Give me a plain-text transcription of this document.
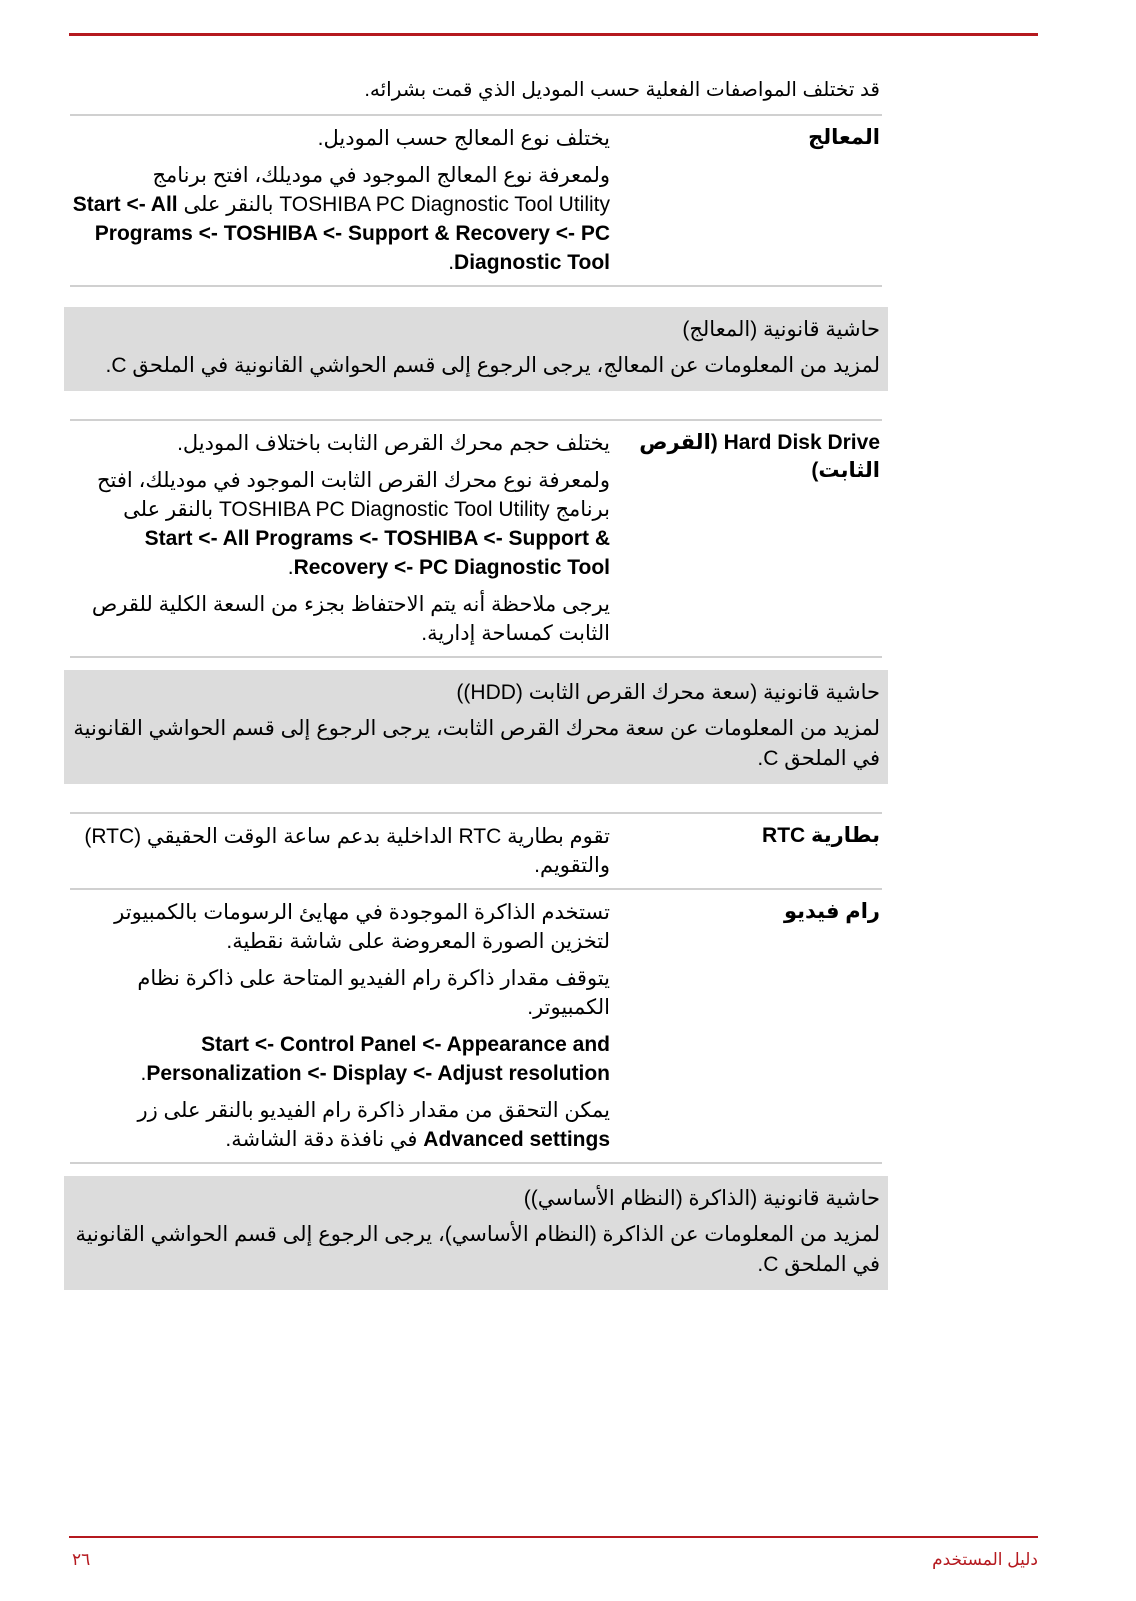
قد تختلف المواصفات الفعلية حسب الموديل الذي قمت بشرائه.

المعالج

يختلف نوع المعالج حسب الموديل.

ولمعرفة نوع المعالج الموجود في موديلك، افتح برنامج TOSHIBA PC Diagnostic Tool Utility بالنقر على Start <- All Programs <- TOSHIBA <- Support & Recovery <- PC Diagnostic Tool.

حاشية قانونية (المعالج)

لمزيد من المعلومات عن المعالج، يرجى الرجوع إلى قسم الحواشي القانونية في الملحق C.

Hard Disk Drive (القرص الثابت)

يختلف حجم محرك القرص الثابت باختلاف الموديل.

ولمعرفة نوع محرك القرص الثابت الموجود في موديلك، افتح برنامج TOSHIBA PC Diagnostic Tool Utility بالنقر على Start <- All Programs <- TOSHIBA <- Support & Recovery <- PC Diagnostic Tool.

يرجى ملاحظة أنه يتم الاحتفاظ بجزء من السعة الكلية للقرص الثابت كمساحة إدارية.

حاشية قانونية (سعة محرك القرص الثابت (HDD))

لمزيد من المعلومات عن سعة محرك القرص الثابت، يرجى الرجوع إلى قسم الحواشي القانونية في الملحق C.

بطارية RTC

تقوم بطارية RTC الداخلية بدعم ساعة الوقت الحقيقي (RTC) والتقويم.

رام فيديو

تستخدم الذاكرة الموجودة في مهايئ الرسومات بالكمبيوتر لتخزين الصورة المعروضة على شاشة نقطية.

يتوقف مقدار ذاكرة رام الفيديو المتاحة على ذاكرة نظام الكمبيوتر.

Start <- Control Panel <- Appearance and Personalization <- Display <- Adjust resolution.

يمكن التحقق من مقدار ذاكرة رام الفيديو بالنقر على زر Advanced settings في نافذة دقة الشاشة.

حاشية قانونية (الذاكرة (النظام الأساسي))

لمزيد من المعلومات عن الذاكرة (النظام الأساسي)، يرجى الرجوع إلى قسم الحواشي القانونية في الملحق C.

دليل المستخدم
٢٦
